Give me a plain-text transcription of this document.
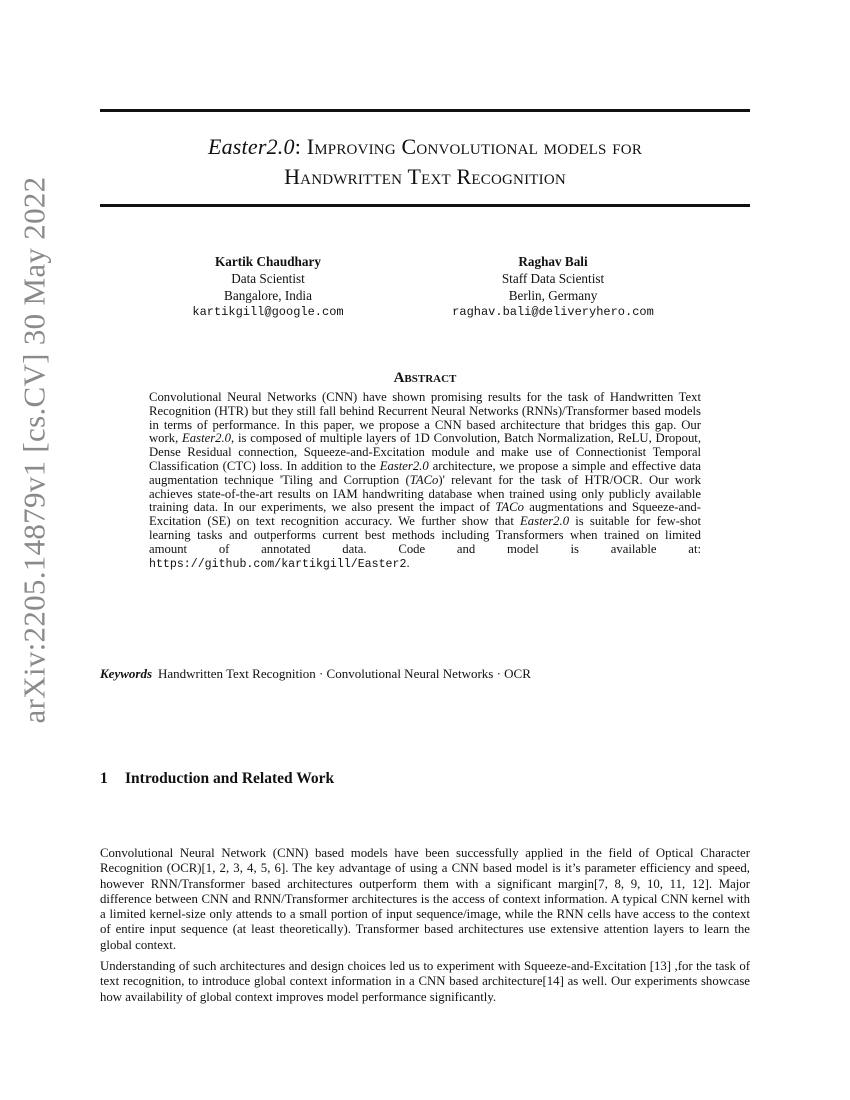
arXiv:2205.14879v1 [cs.CV] 30 May 2022
Easter2.0: Improving Convolutional models for
Handwritten Text Recognition
Kartik Chaudhary
Data Scientist
Bangalore, India
kartikgill@google.com
Raghav Bali
Staff Data Scientist
Berlin, Germany
raghav.bali@deliveryhero.com
Abstract
Convolutional Neural Networks (CNN) have shown promising results for the task of Handwritten Text Recognition (HTR) but they still fall behind Recurrent Neural Networks (RNNs)/Transformer based models in terms of performance. In this paper, we propose a CNN based architecture that bridges this gap. Our work, Easter2.0, is composed of multiple layers of 1D Convolution, Batch Normalization, ReLU, Dropout, Dense Residual connection, Squeeze-and-Excitation module and make use of Connectionist Temporal Classification (CTC) loss. In addition to the Easter2.0 architecture, we propose a simple and effective data augmentation technique 'Tiling and Corruption (TACo)' relevant for the task of HTR/OCR. Our work achieves state-of-the-art results on IAM handwriting database when trained using only publicly available training data. In our experiments, we also present the impact of TACo augmentations and Squeeze-and-Excitation (SE) on text recognition accuracy. We further show that Easter2.0 is suitable for few-shot learning tasks and outperforms current best methods including Transformers when trained on limited amount of annotated data. Code and model is available at: https://github.com/kartikgill/Easter2.
Keywords Handwritten Text Recognition · Convolutional Neural Networks · OCR
1 Introduction and Related Work
Convolutional Neural Network (CNN) based models have been successfully applied in the field of Optical Character Recognition (OCR)[1, 2, 3, 4, 5, 6]. The key advantage of using a CNN based model is it’s parameter efficiency and speed, however RNN/Transformer based architectures outperform them with a significant margin[7, 8, 9, 10, 11, 12]. Major difference between CNN and RNN/Transformer architectures is the access of context information. A typical CNN kernel with a limited kernel-size only attends to a small portion of input sequence/image, while the RNN cells have access to the context of entire input sequence (at least theoretically). Transformer based architectures use extensive attention layers to learn the global context.
Understanding of such architectures and design choices led us to experiment with Squeeze-and-Excitation [13] ,for the task of text recognition, to introduce global context information in a CNN based architecture[14] as well. Our experiments showcase how availability of global context improves model performance significantly.
